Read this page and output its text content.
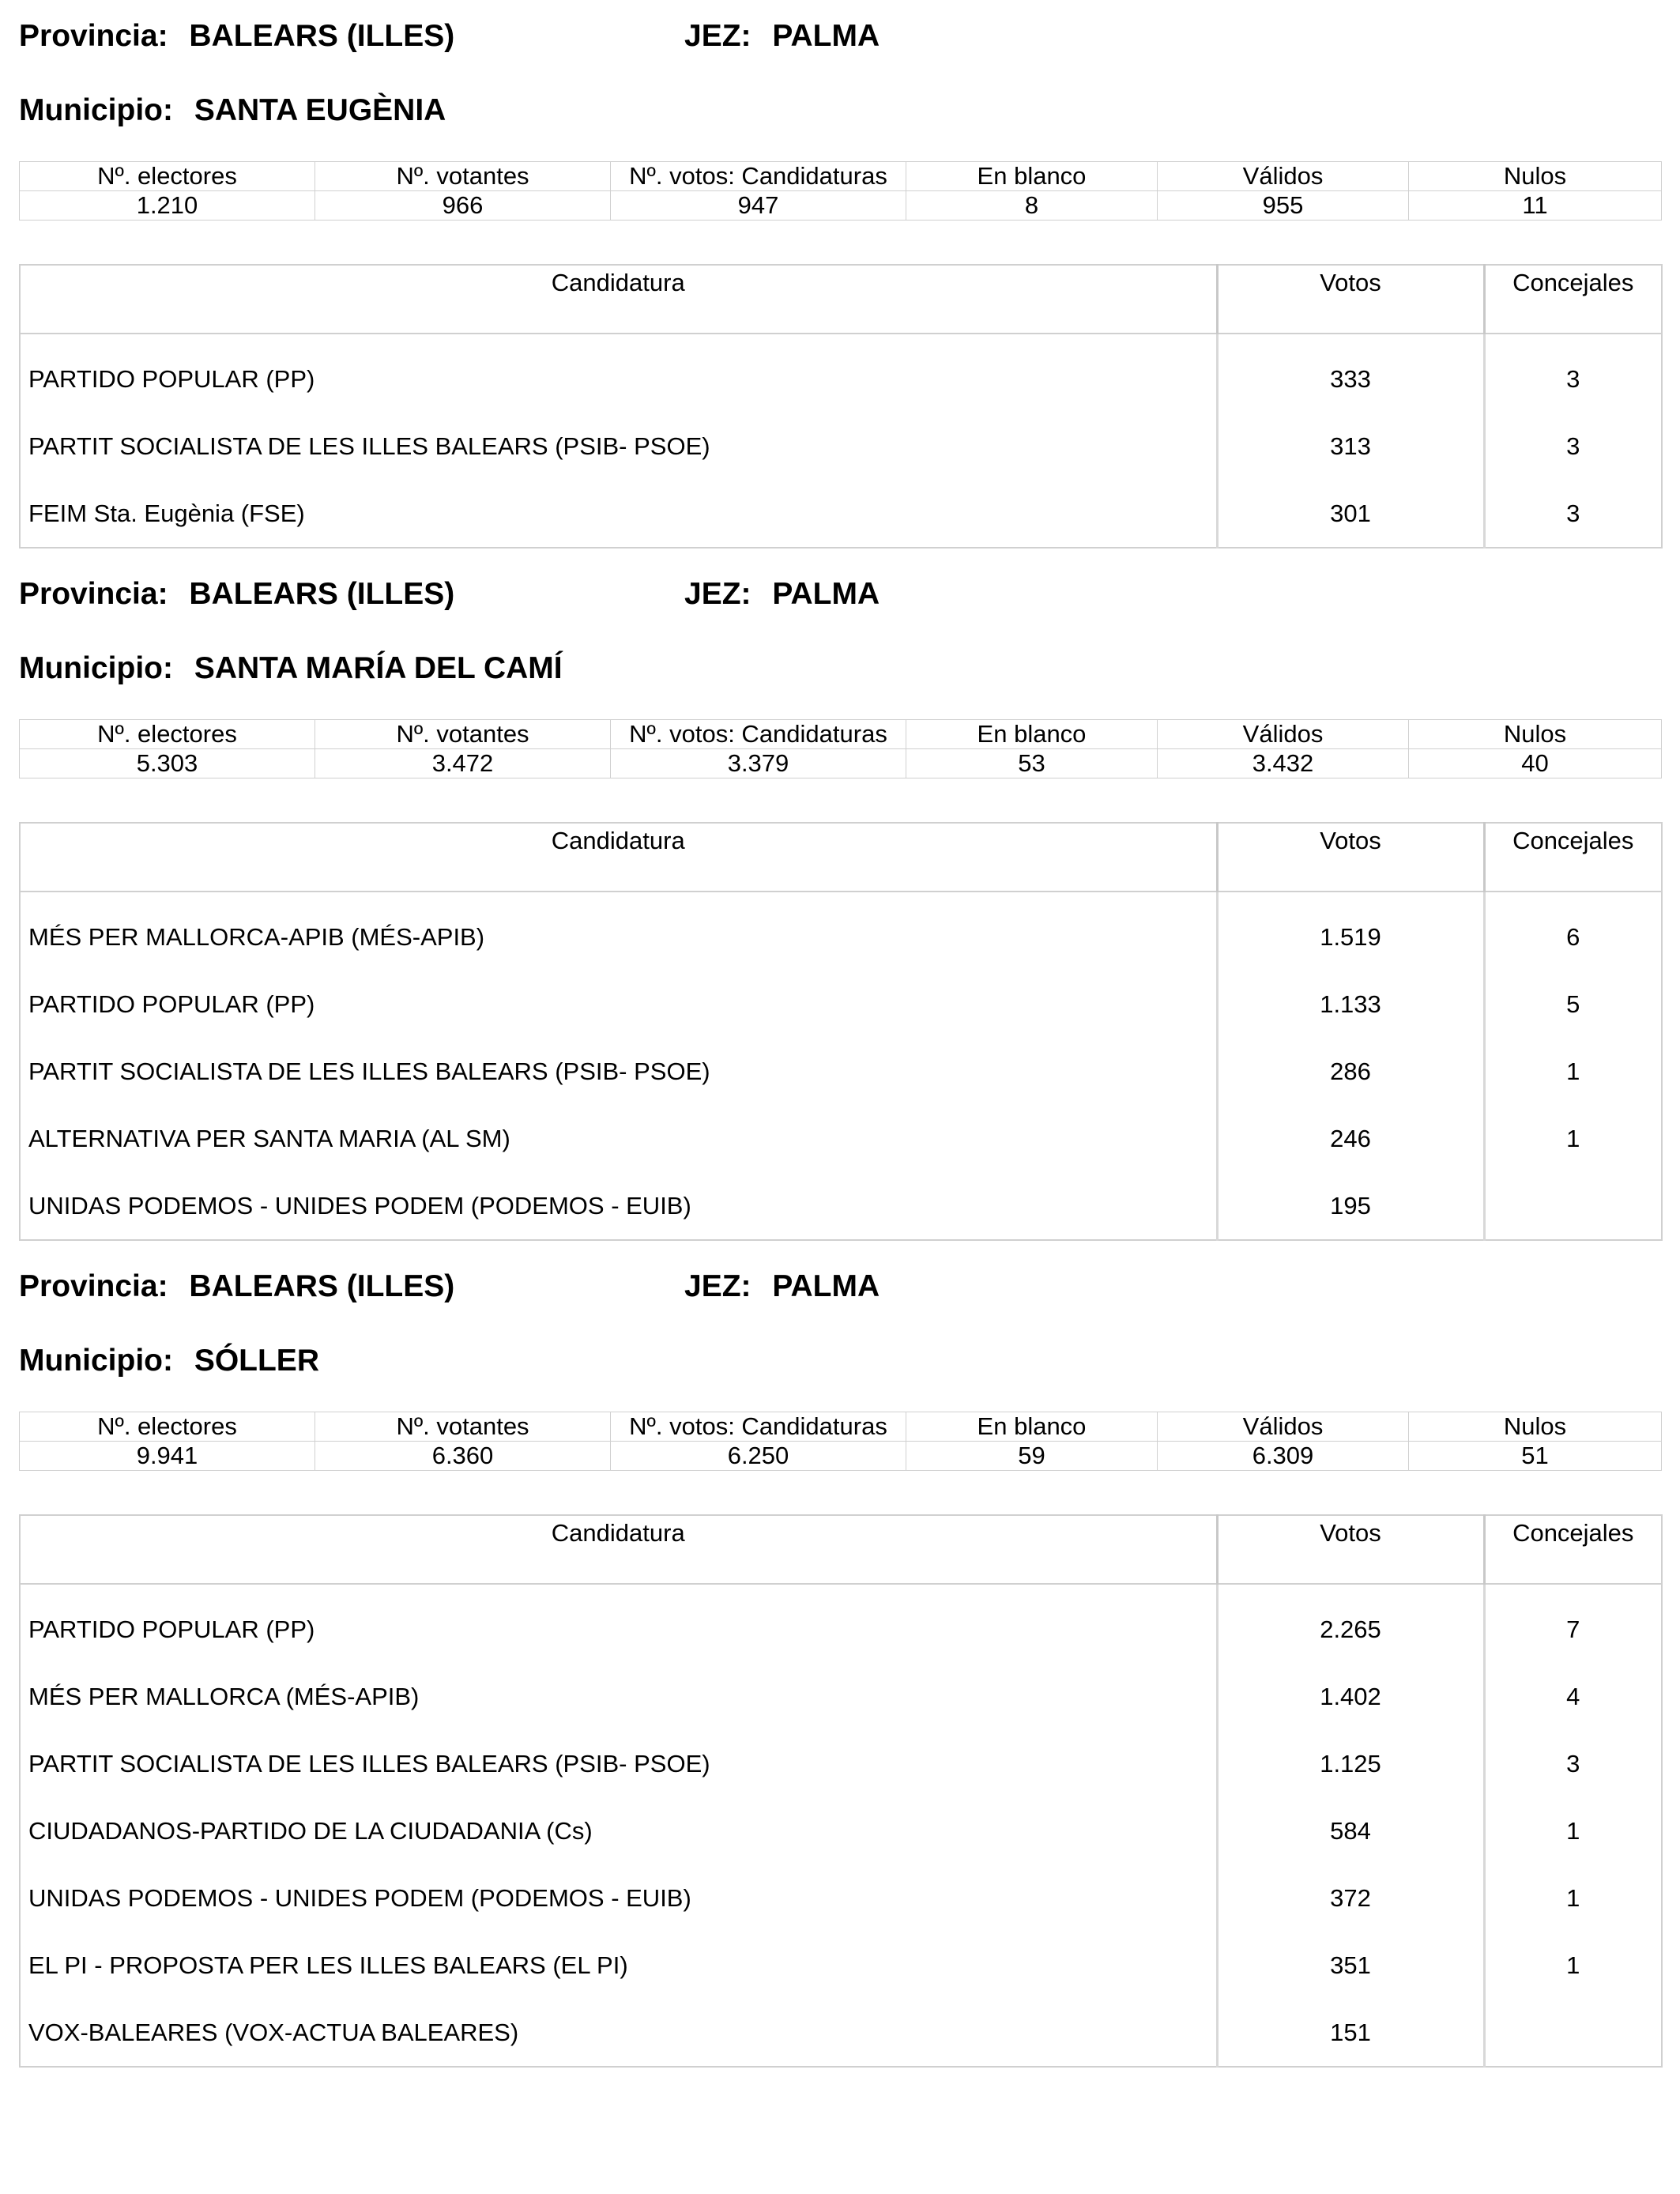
Provincia: BALEARS (ILLES)	JEZ: PALMA
Municipio: SANTA EUGÈNIA
Nº. electores	Nº. votantes	Nº. votos: Candidaturas	En blanco	Válidos	Nulos
1.210	966	947	8	955	11
Candidatura	Votos	Concejales

PARTIDO POPULAR (PP)	333	3
PARTIT SOCIALISTA DE LES ILLES BALEARS (PSIB- PSOE)	313	3
FEIM Sta. Eugènia (FSE)	301	3
Provincia: BALEARS (ILLES)	JEZ: PALMA
Municipio: SANTA MARÍA DEL CAMÍ
Nº. electores	Nº. votantes	Nº. votos: Candidaturas	En blanco	Válidos	Nulos
5.303	3.472	3.379	53	3.432	40
Candidatura	Votos	Concejales

MÉS PER MALLORCA-APIB (MÉS-APIB)	1.519	6
PARTIDO POPULAR (PP)	1.133	5
PARTIT SOCIALISTA DE LES ILLES BALEARS (PSIB- PSOE)	286	1
ALTERNATIVA PER SANTA MARIA (AL SM)	246	1
UNIDAS PODEMOS - UNIDES PODEM (PODEMOS - EUIB)	195	
Provincia: BALEARS (ILLES)	JEZ: PALMA
Municipio: SÓLLER
Nº. electores	Nº. votantes	Nº. votos: Candidaturas	En blanco	Válidos	Nulos
9.941	6.360	6.250	59	6.309	51
Candidatura	Votos	Concejales

PARTIDO POPULAR (PP)	2.265	7
MÉS PER MALLORCA (MÉS-APIB)	1.402	4
PARTIT SOCIALISTA DE LES ILLES BALEARS (PSIB- PSOE)	1.125	3
CIUDADANOS-PARTIDO DE LA CIUDADANIA (Cs)	584	1
UNIDAS PODEMOS - UNIDES PODEM (PODEMOS - EUIB)	372	1
EL PI - PROPOSTA PER LES ILLES BALEARS (EL PI)	351	1
VOX-BALEARES (VOX-ACTUA BALEARES)	151	
